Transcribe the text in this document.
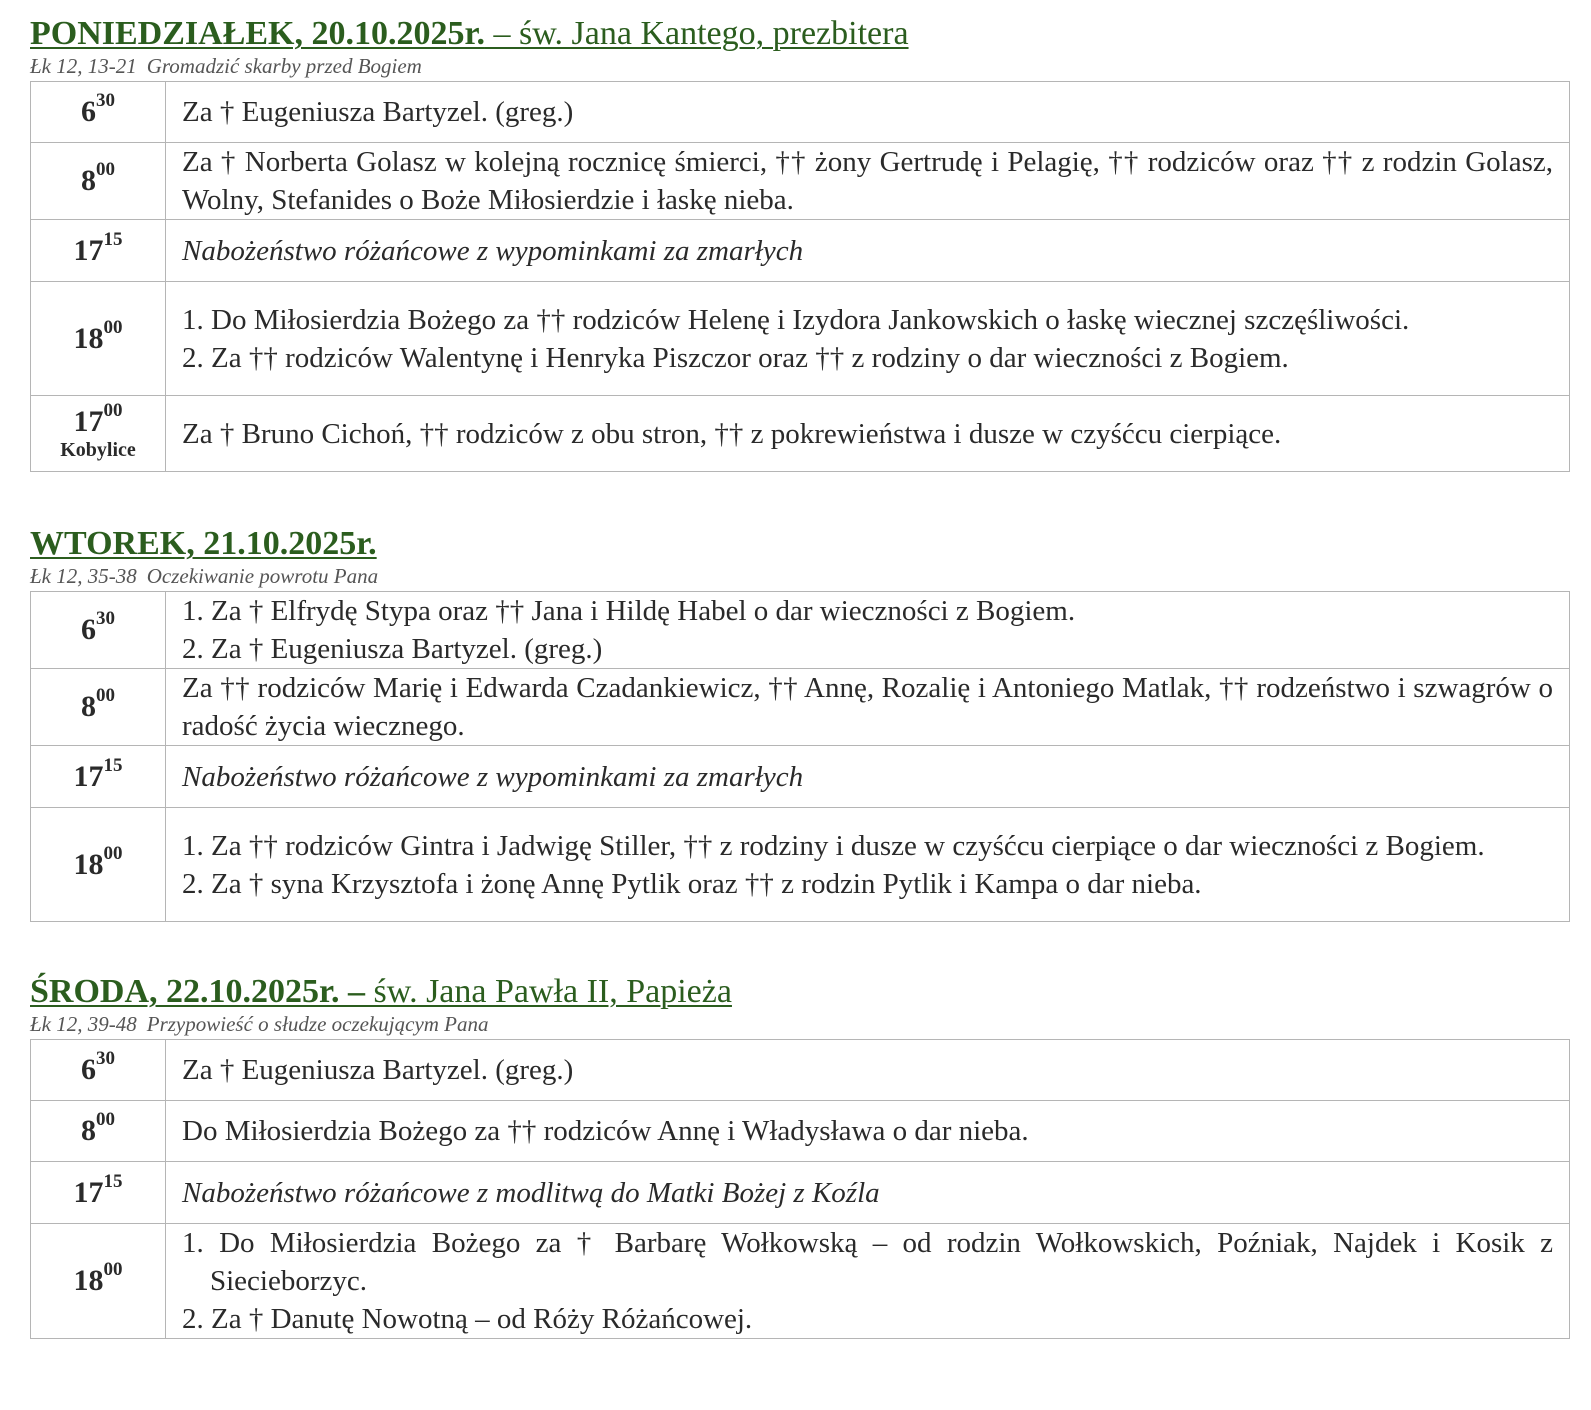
PONIEDZIAŁEK, 20.10.2025r. – św. Jana Kantego, prezbitera

Łk 12, 13-21 Gromadzić skarby przed Bogiem

$6^{30}$	Za † Eugeniusza Bartyzel. (greg.)

$8^{00}$	Za † Norberta Golasz w kolejną rocznicę śmierci, †† żony Gertrudę i Pelagię, †† rodziców oraz †† z rodzin Golasz, Wolny, Stefanides o Boże Miłosierdzie i łaskę nieba.

$17^{15}$	Nabożeństwo różańcowe z wypominkami za zmarłych

$18^{00}$	1. Do Miłosierdzia Bożego za †† rodziców Helenę i Izydora Jankowskich o łaskę wiecznej szczęśliwości.
2. Za †† rodziców Walentynę i Henryka Piszczor oraz †† z rodziny o dar wieczności z Bogiem.

$17^{00}$
Kobylice	Za † Bruno Cichoń, †† rodziców z obu stron, †† z pokrewieństwa i dusze w czyśćcu cierpiące.
WTOREK, 21.10.2025r.

Łk 12, 35-38 Oczekiwanie powrotu Pana

$6^{30}$	1. Za † Elfrydę Stypa oraz †† Jana i Hildę Habel o dar wieczności z Bogiem.
2. Za † Eugeniusza Bartyzel. (greg.)

$8^{00}$	Za †† rodziców Marię i Edwarda Czadankiewicz, †† Annę, Rozalię i Antoniego Matlak, †† rodzeństwo i szwagrów o radość życia wiecznego.

$17^{15}$	Nabożeństwo różańcowe z wypominkami za zmarłych

$18^{00}$	1. Za †† rodziców Gintra i Jadwigę Stiller, †† z rodziny i dusze w czyśćcu cierpiące o dar wieczności z Bogiem.
2. Za † syna Krzysztofa i żonę Annę Pytlik oraz †† z rodzin Pytlik i Kampa o dar nieba.
ŚRODA, 22.10.2025r. – św. Jana Pawła II, Papieża

Łk 12, 39-48 Przypowieść o słudze oczekującym Pana

$6^{30}$	Za † Eugeniusza Bartyzel. (greg.)

$8^{00}$	Do Miłosierdzia Bożego za †† rodziców Annę i Władysława o dar nieba.

$17^{15}$	Nabożeństwo różańcowe z modlitwą do Matki Bożej z Koźla

$18^{00}$	1. Do Miłosierdzia Bożego za † Barbarę Wołkowską – od rodzin Wołkowskich, Poźniak, Najdek i Kosik z Siecieborzyc.
2. Za † Danutę Nowotną – od Róży Różańcowej.
